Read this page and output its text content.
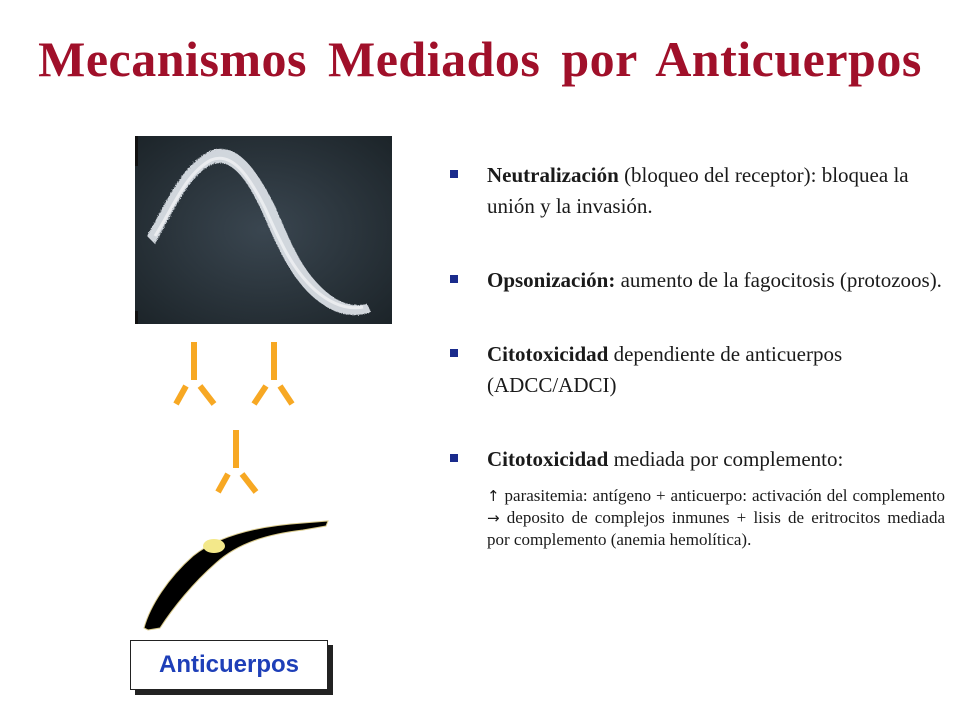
Mecanismos Mediados por Anticuerpos
Anticuerpos
Neutralización (bloqueo del receptor): bloquea la unión y la invasión.
Opsonización: aumento de la fagocitosis (protozoos).
Citotoxicidad dependiente de anticuerpos (ADCC/ADCI)
Citotoxicidad mediada por complemento:
↑ parasitemia: antígeno + anticuerpo: activación del complemento → deposito de complejos inmunes + lisis de eritrocitos mediada por complemento (anemia hemolítica).
